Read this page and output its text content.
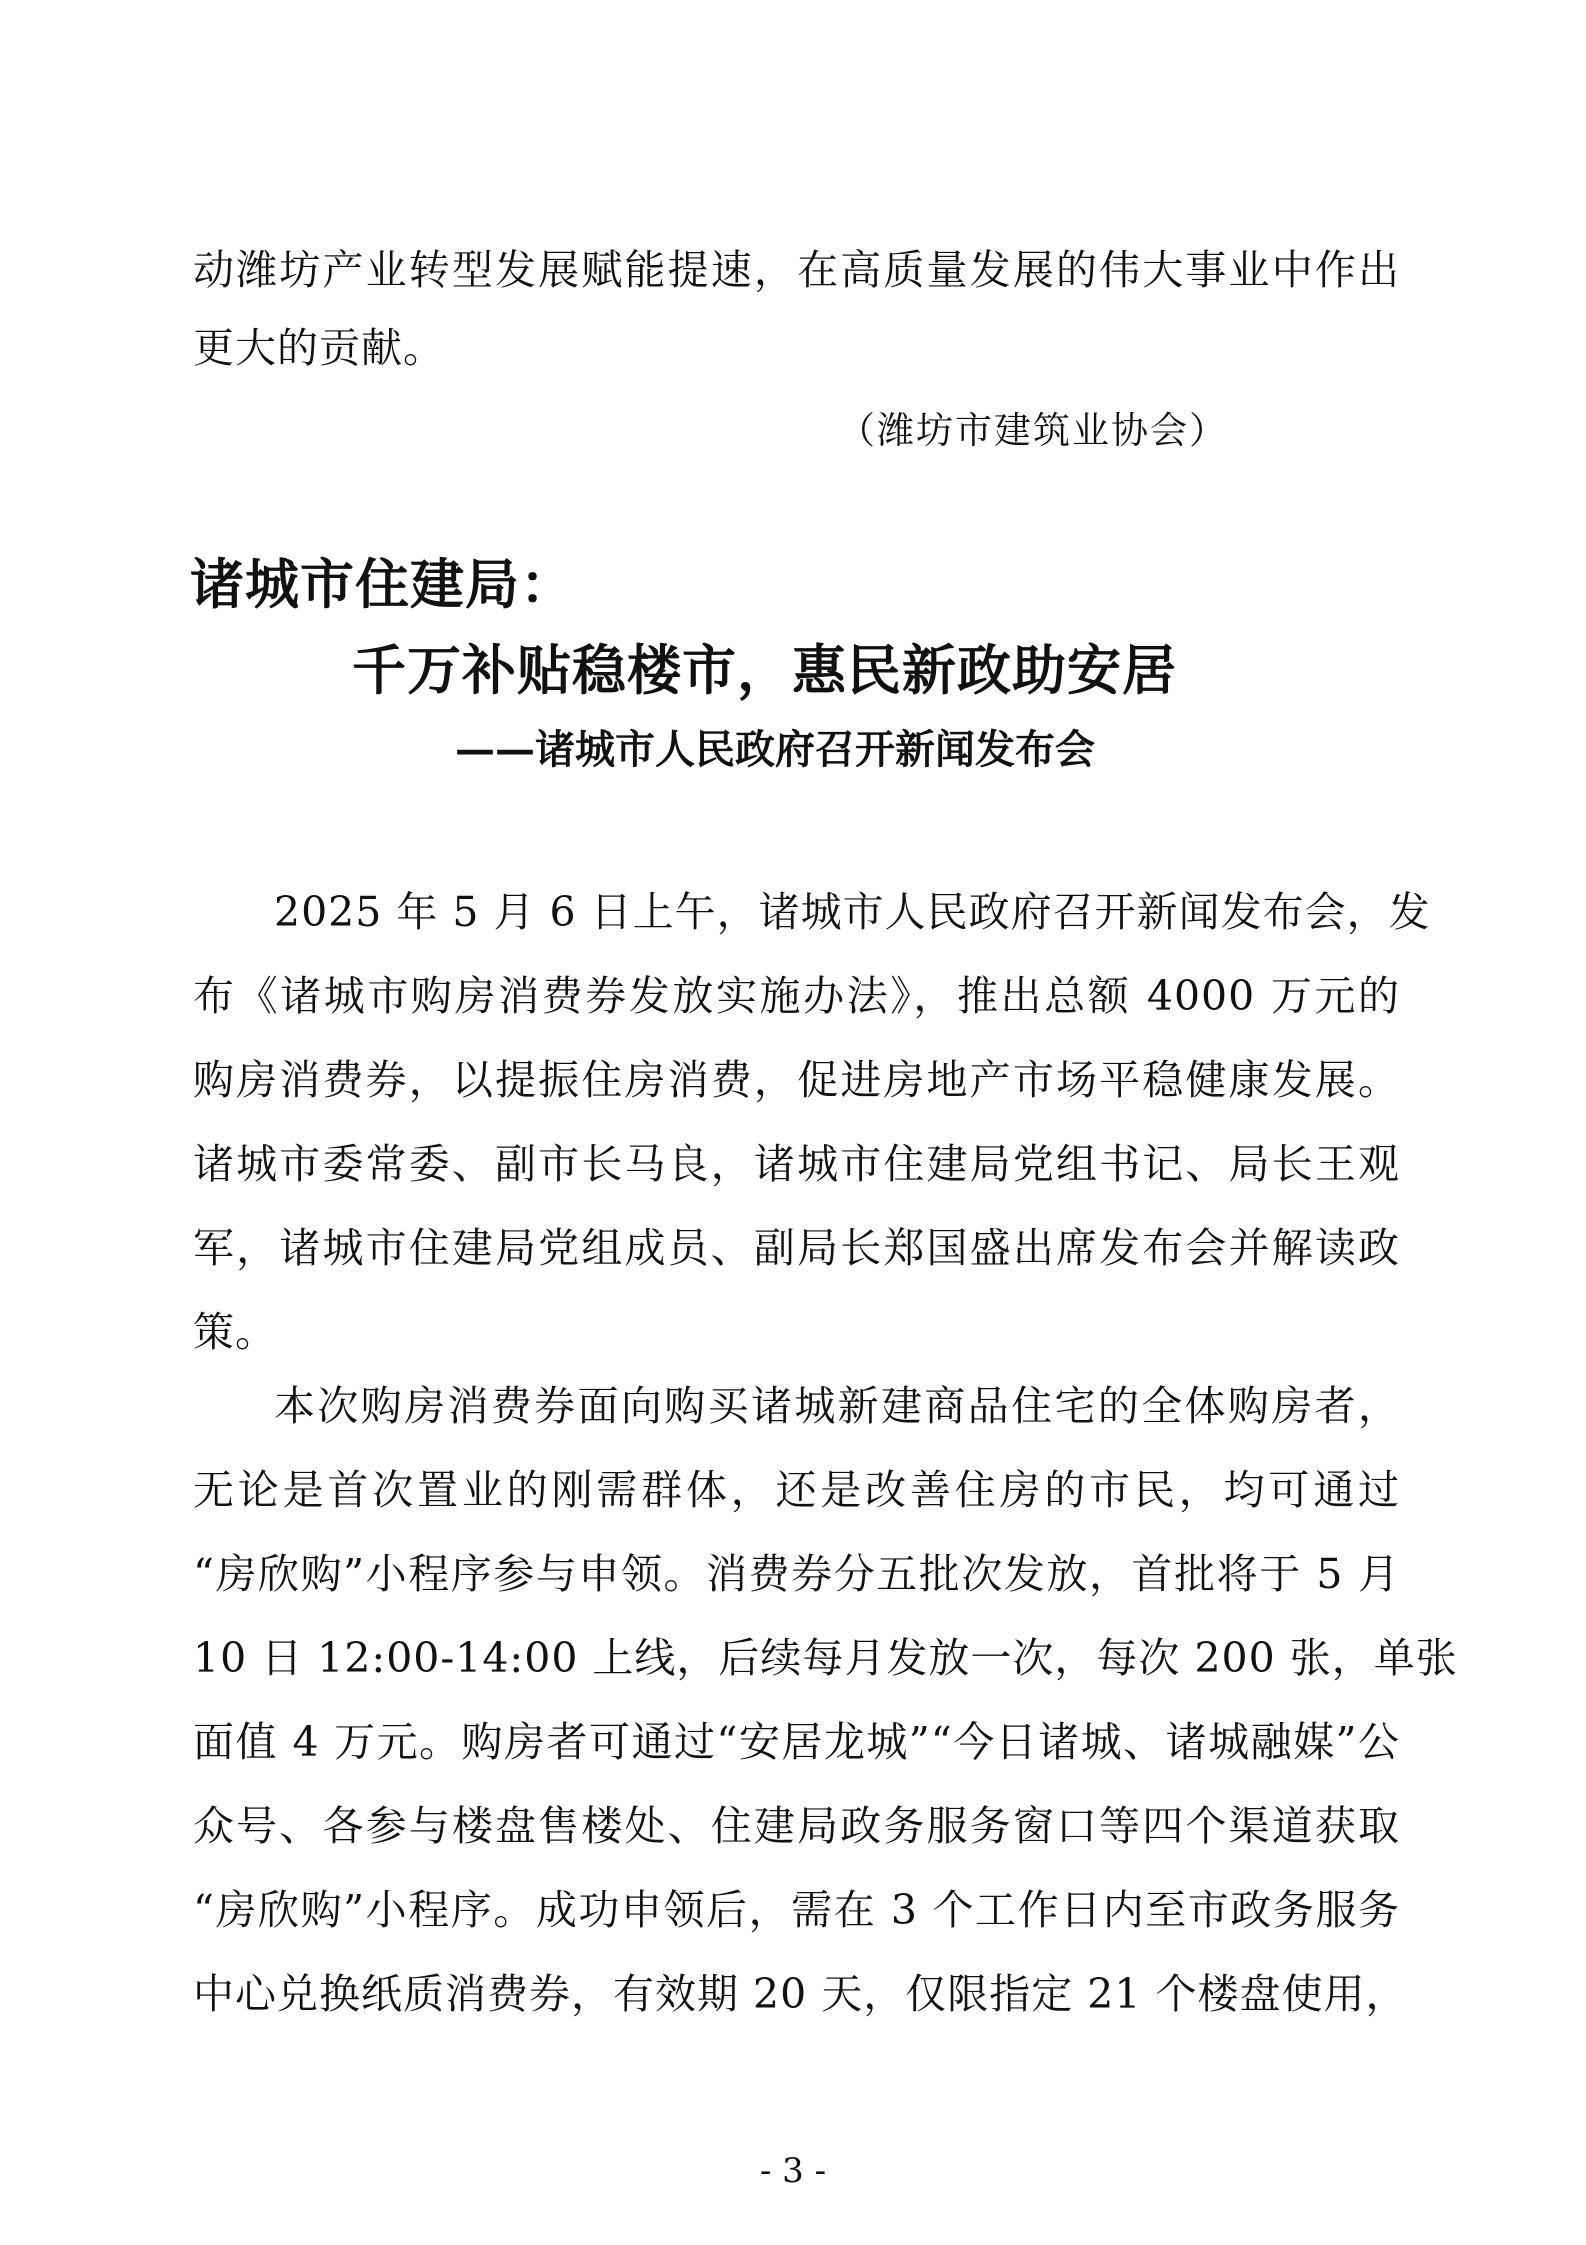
动潍坊产业转型发展赋能提速，在高质量发展的伟大事业中作出
更大的贡献。
（潍坊市建筑业协会）
诸城市住建局：
千万补贴稳楼市，惠民新政助安居
——诸城市人民政府召开新闻发布会
2025 年 5 月 6 日上午，诸城市人民政府召开新闻发布会，发
布《诸城市购房消费券发放实施办法》，推出总额 4000 万元的
购房消费券，以提振住房消费，促进房地产市场平稳健康发展。
诸城市委常委、副市长马良，诸城市住建局党组书记、局长王观
军，诸城市住建局党组成员、副局长郑国盛出席发布会并解读政
策。
本次购房消费券面向购买诸城新建商品住宅的全体购房者，
无论是首次置业的刚需群体，还是改善住房的市民，均可通过
“房欣购”小程序参与申领。消费券分五批次发放，首批将于 5 月
10 日 12:00-14:00 上线，后续每月发放一次，每次 200 张，单张
面值 4 万元。购房者可通过“安居龙城”“今日诸城、诸城融媒”公
众号、各参与楼盘售楼处、住建局政务服务窗口等四个渠道获取
“房欣购”小程序。成功申领后，需在 3 个工作日内至市政务服务
中心兑换纸质消费券，有效期 20 天，仅限指定 21 个楼盘使用，
- 3 -
